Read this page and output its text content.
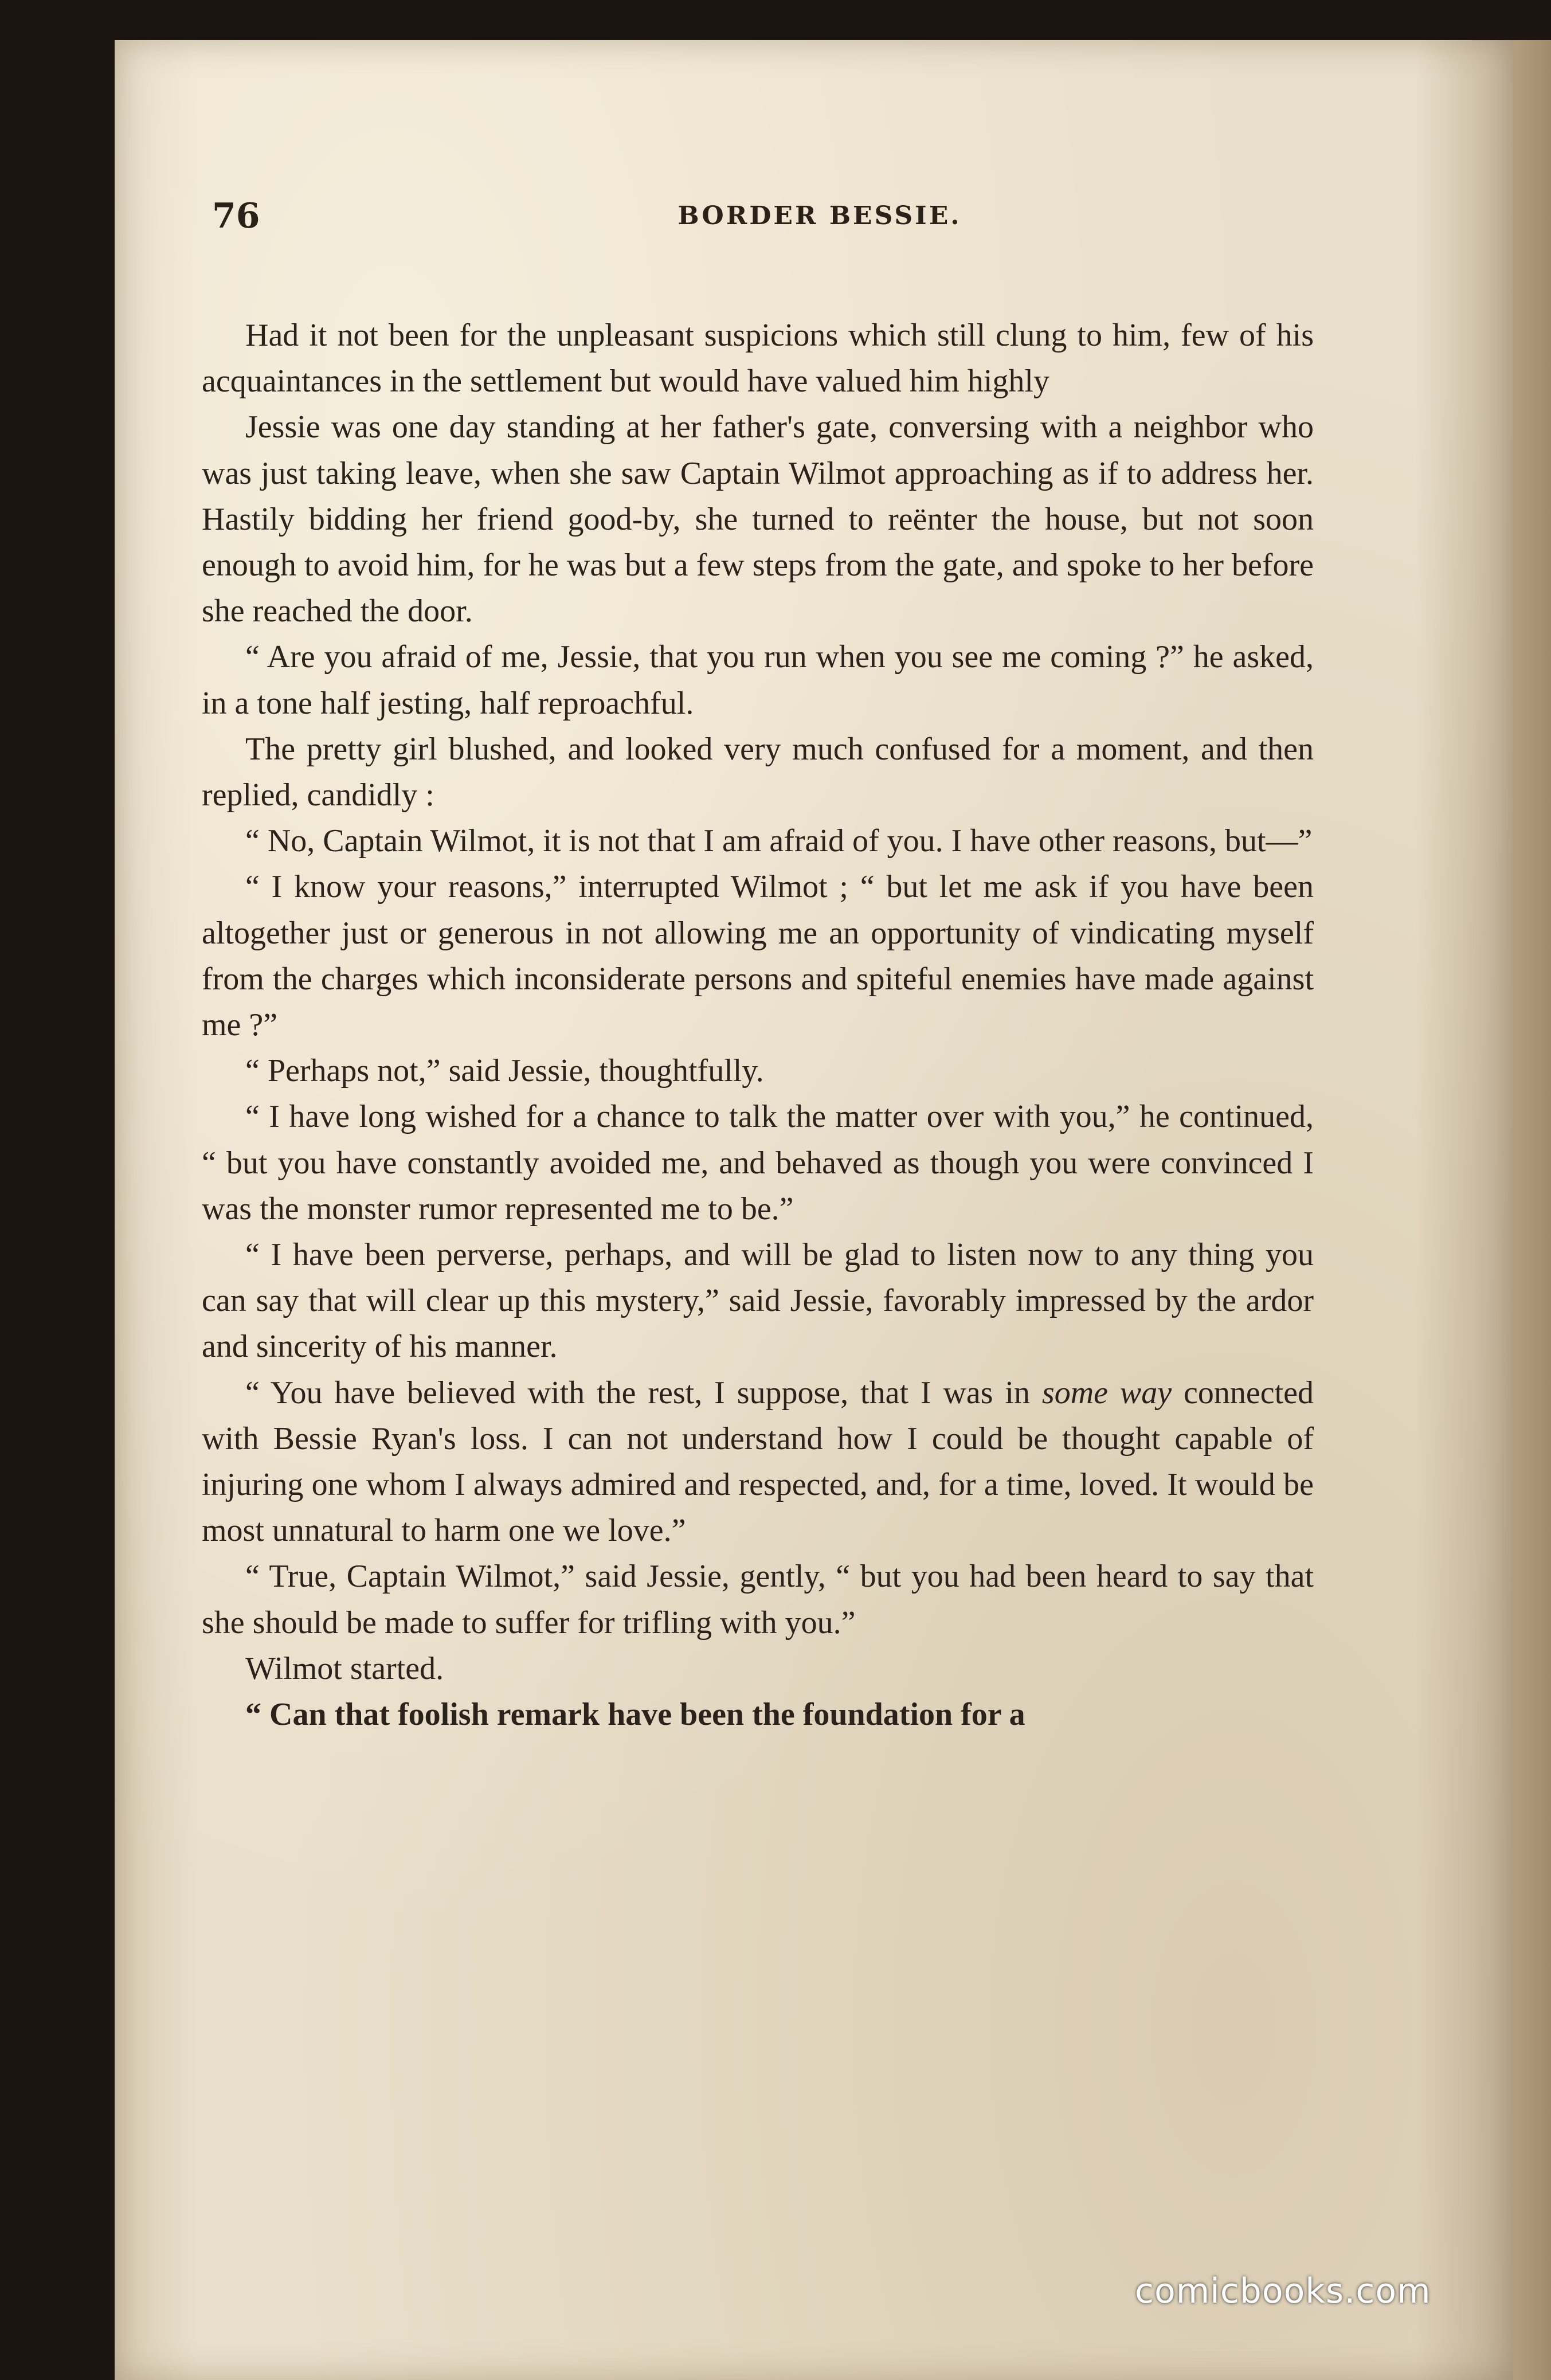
76	BORDER BESSIE.

Had it not been for the unpleasant suspicions which still clung to him, few of his acquaintances in the settlement but would have valued him highly

Jessie was one day standing at her father's gate, conversing with a neighbor who was just taking leave, when she saw Captain Wilmot approaching as if to address her. Hastily bidding her friend good-by, she turned to reënter the house, but not soon enough to avoid him, for he was but a few steps from the gate, and spoke to her before she reached the door.

“ Are you afraid of me, Jessie, that you run when you see me coming ?” he asked, in a tone half jesting, half reproachful.

The pretty girl blushed, and looked very much confused for a moment, and then replied, candidly :

“ No, Captain Wilmot, it is not that I am afraid of you. I have other reasons, but—”

“ I know your reasons,” interrupted Wilmot ; “ but let me ask if you have been altogether just or generous in not allowing me an opportunity of vindicating myself from the charges which inconsiderate persons and spiteful enemies have made against me ?”

“ Perhaps not,” said Jessie, thoughtfully.

“ I have long wished for a chance to talk the matter over with you,” he continued, “ but you have constantly avoided me, and behaved as though you were convinced I was the monster rumor represented me to be.”

“ I have been perverse, perhaps, and will be glad to listen now to any thing you can say that will clear up this mystery,” said Jessie, favorably impressed by the ardor and sincerity of his manner.

“ You have believed with the rest, I suppose, that I was in some way connected with Bessie Ryan's loss. I can not understand how I could be thought capable of injuring one whom I always admired and respected, and, for a time, loved. It would be most unnatural to harm one we love.”

“ True, Captain Wilmot,” said Jessie, gently, “ but you had been heard to say that she should be made to suffer for trifling with you.”

Wilmot started.

“ Can that foolish remark have been the foundation for a

comicbooks.com
